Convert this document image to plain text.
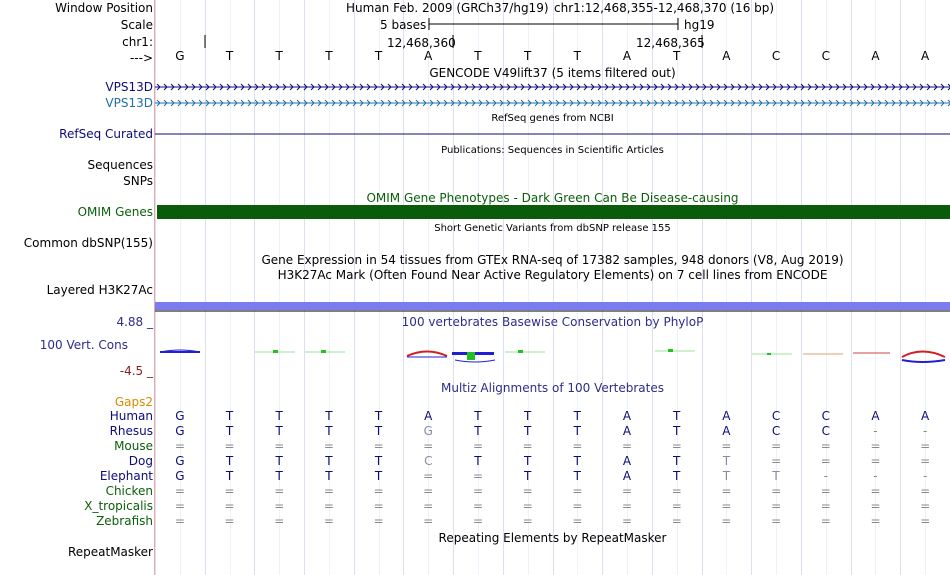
Window Position
Scale
chr1:
--->
Human Feb. 2009 (GRCh37/hg19) chr1:12,468,355-12,468,370 (16 bp)
5 bases	hg19
12,468,360	12,468,365
G	T	T	T	T	A	T	T	T	A	T	A	C	C	A	A
GENCODE V49lift37 (5 items filtered out)
VPS13D
VPS13D
RefSeq genes from NCBI
RefSeq Curated
Publications: Sequences in Scientific Articles
Sequences
SNPs
OMIM Gene Phenotypes - Dark Green Can Be Disease-causing
OMIM Genes
Short Genetic Variants from dbSNP release 155
Common dbSNP(155)
Gene Expression in 54 tissues from GTEx RNA-seq of 17382 samples, 948 donors (V8, Aug 2019)
H3K27Ac Mark (Often Found Near Active Regulatory Elements) on 7 cell lines from ENCODE
Layered H3K27Ac
4.88 _	100 vertebrates Basewise Conservation by PhyloP
100 Vert. Cons
-4.5 _
Multiz Alignments of 100 Vertebrates
Gaps2
Human	G	T	T	T	T	A	T	T	T	A	T	A	C	C	A	A
Rhesus	G	T	T	T	T	G	T	T	T	A	T	A	C	C	-	-
Mouse	=	=	=	=	=	=	=	=	=	=	=	=	=	=	=	=
Dog	G	T	T	T	T	C	T	T	T	A	T	T	=	=	=	=
Elephant	G	T	T	T	T	=	=	T	T	A	T	T	T	-	-	-
Chicken	=	=	=	=	=	=	=	=	=	=	=	=	=	=	=	=
X_tropicalis	=	=	=	=	=	=	=	=	=	=	=	=	=	=	=	=
Zebrafish	=	=	=	=	=	=	=	=	=	=	=	=	=	=	=	=
RepeatMasker
Repeating Elements by RepeatMasker
